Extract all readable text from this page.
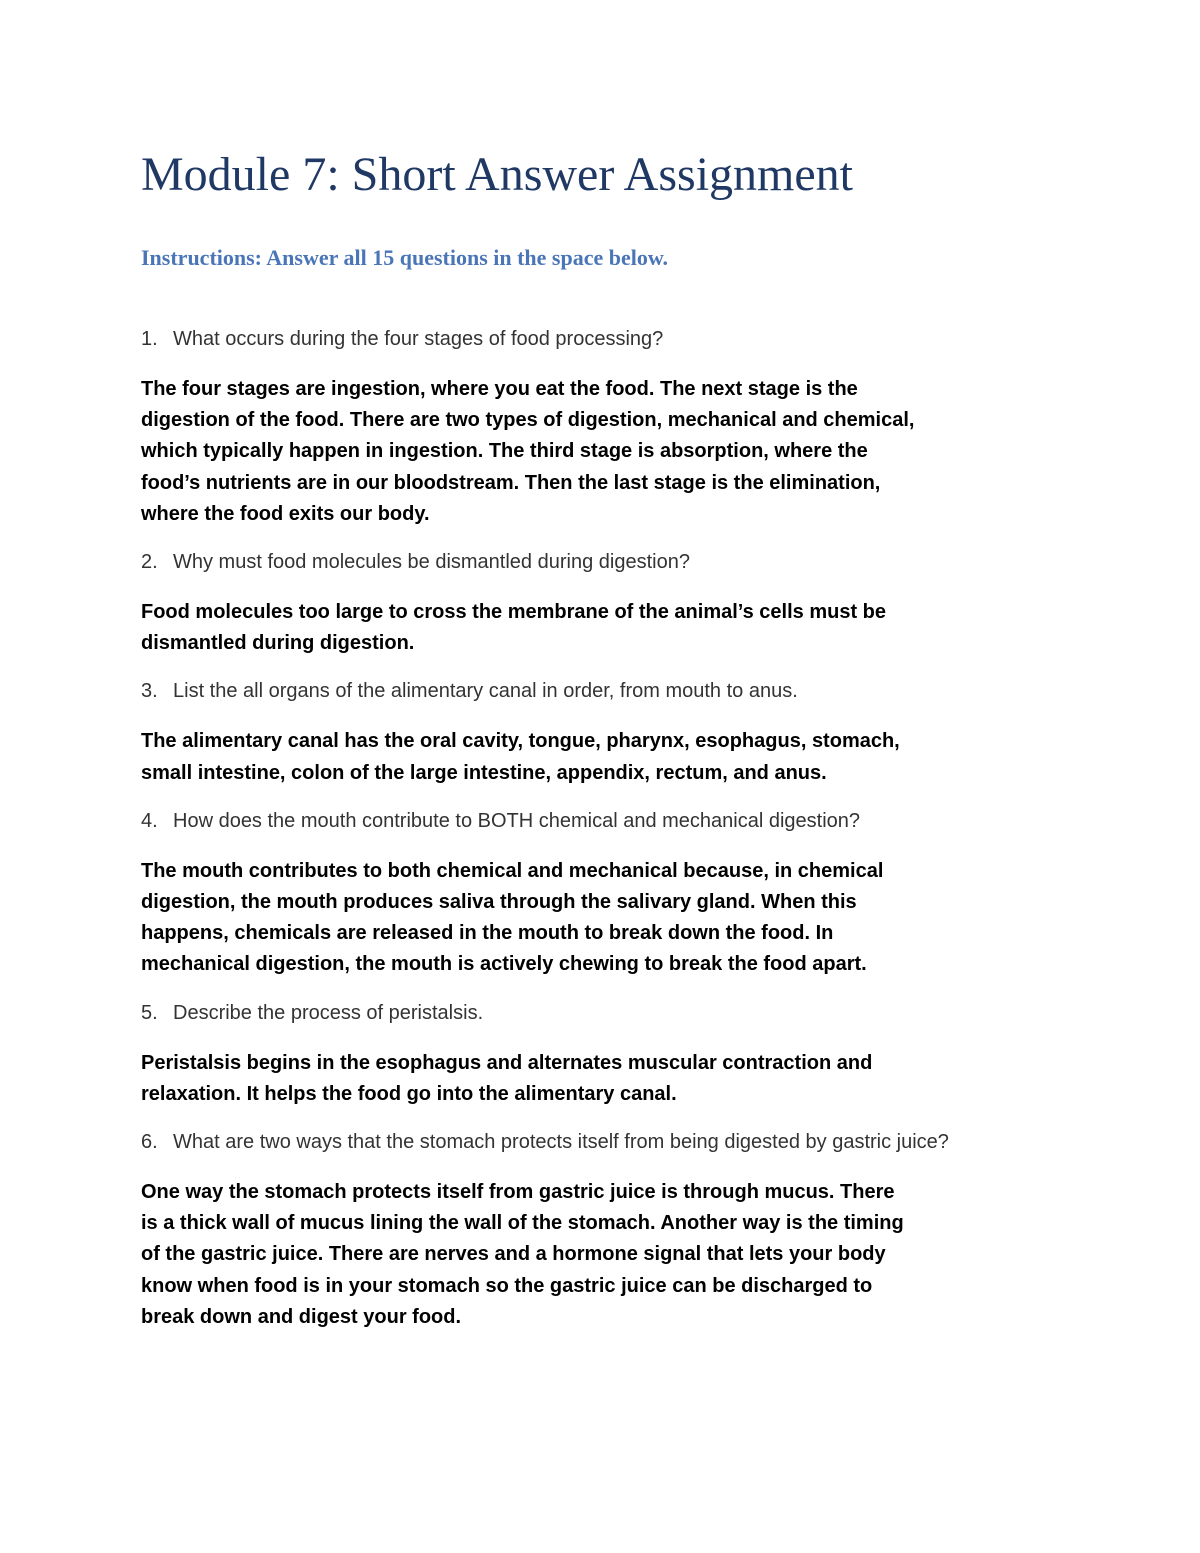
Module 7: Short Answer Assignment

Instructions: Answer all 15 questions in the space below.

1. What occurs during the four stages of food processing?

The four stages are ingestion, where you eat the food. The next stage is the
digestion of the food. There are two types of digestion, mechanical and chemical,
which typically happen in ingestion. The third stage is absorption, where the
food’s nutrients are in our bloodstream. Then the last stage is the elimination,
where the food exits our body.

2. Why must food molecules be dismantled during digestion?

Food molecules too large to cross the membrane of the animal’s cells must be
dismantled during digestion.

3. List the all organs of the alimentary canal in order, from mouth to anus.

The alimentary canal has the oral cavity, tongue, pharynx, esophagus, stomach,
small intestine, colon of the large intestine, appendix, rectum, and anus.

4. How does the mouth contribute to BOTH chemical and mechanical digestion?

The mouth contributes to both chemical and mechanical because, in chemical
digestion, the mouth produces saliva through the salivary gland. When this
happens, chemicals are released in the mouth to break down the food. In
mechanical digestion, the mouth is actively chewing to break the food apart.

5. Describe the process of peristalsis.

Peristalsis begins in the esophagus and alternates muscular contraction and
relaxation. It helps the food go into the alimentary canal.

6. What are two ways that the stomach protects itself from being digested by gastric juice?

One way the stomach protects itself from gastric juice is through mucus. There
is a thick wall of mucus lining the wall of the stomach. Another way is the timing
of the gastric juice. There are nerves and a hormone signal that lets your body
know when food is in your stomach so the gastric juice can be discharged to
break down and digest your food.
